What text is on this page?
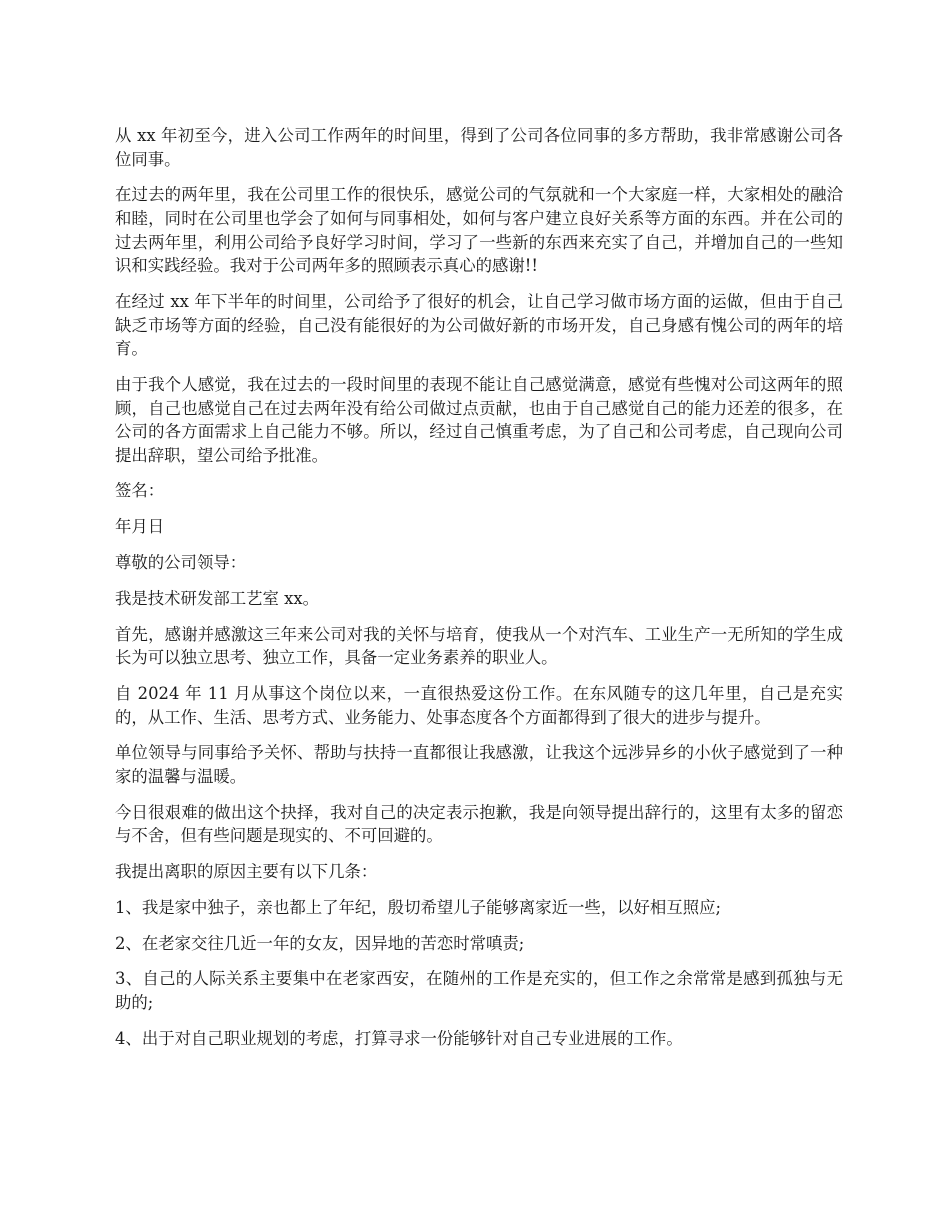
从 xx 年初至今，进入公司工作两年的时间里，得到了公司各位同事的多方帮助，我非常感谢公司各位同事。

在过去的两年里，我在公司里工作的很快乐，感觉公司的气氛就和一个大家庭一样，大家相处的融洽和睦，同时在公司里也学会了如何与同事相处，如何与客户建立良好关系等方面的东西。并在公司的过去两年里，利用公司给予良好学习时间，学习了一些新的东西来充实了自己，并增加自己的一些知识和实践经验。我对于公司两年多的照顾表示真心的感谢!!

在经过 xx 年下半年的时间里，公司给予了很好的机会，让自己学习做市场方面的运做，但由于自己缺乏市场等方面的经验，自己没有能很好的为公司做好新的市场开发，自己身感有愧公司的两年的培育。

由于我个人感觉，我在过去的一段时间里的表现不能让自己感觉满意，感觉有些愧对公司这两年的照顾，自己也感觉自己在过去两年没有给公司做过点贡献，也由于自己感觉自己的能力还差的很多，在公司的各方面需求上自己能力不够。所以，经过自己慎重考虑，为了自己和公司考虑，自己现向公司提出辞职，望公司给予批准。

签名：

年月日

尊敬的公司领导：

我是技术研发部工艺室 xx。

首先，感谢并感激这三年来公司对我的关怀与培育，使我从一个对汽车、工业生产一无所知的学生成长为可以独立思考、独立工作，具备一定业务素养的职业人。

自 2024 年 11 月从事这个岗位以来，一直很热爱这份工作。在东风随专的这几年里，自己是充实的，从工作、生活、思考方式、业务能力、处事态度各个方面都得到了很大的进步与提升。

单位领导与同事给予关怀、帮助与扶持一直都很让我感激，让我这个远涉异乡的小伙子感觉到了一种家的温馨与温暖。

今日很艰难的做出这个抉择，我对自己的决定表示抱歉，我是向领导提出辞行的，这里有太多的留恋与不舍，但有些问题是现实的、不可回避的。

我提出离职的原因主要有以下几条：

1、我是家中独子，亲也都上了年纪，殷切希望儿子能够离家近一些，以好相互照应;

2、在老家交往几近一年的女友，因异地的苦恋时常嗔责;

3、自己的人际关系主要集中在老家西安，在随州的工作是充实的，但工作之余常常是感到孤独与无助的;

4、出于对自己职业规划的考虑，打算寻求一份能够针对自己专业进展的工作。
